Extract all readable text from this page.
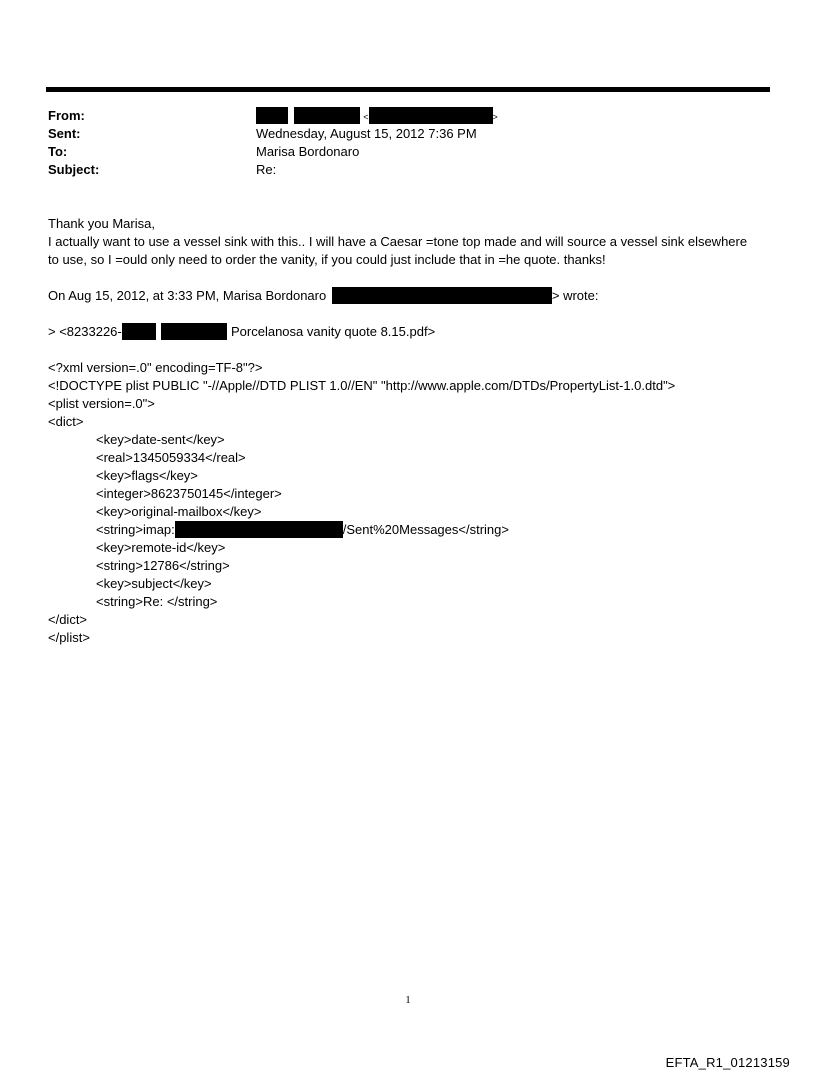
From:	<	>
Sent:	Wednesday, August 15, 2012 7:36 PM
To:	Marisa Bordonaro
Subject:	Re:
Thank you Marisa,
I actually want to use a vessel sink with this.. I will have a Caesar =tone top made and will source a vessel sink elsewhere
to use, so I =ould only need to order the vanity, if you could just include that in =he quote. thanks!
On Aug 15, 2012, at 3:33 PM, Marisa Bordonaro	> wrote:
> <8233226-	Porcelanosa vanity quote 8.15.pdf>
<?xml version=.0" encoding=TF-8"?>
<!DOCTYPE plist PUBLIC "-//Apple//DTD PLIST 1.0//EN" "http://www.apple.com/DTDs/PropertyList-1.0.dtd">
<plist version=.0">
<dict>
<key>date-sent</key>
<real>1345059334</real>
<key>flags</key>
<integer>8623750145</integer>
<key>original-mailbox</key>
<string>imap:	/Sent%20Messages</string>
<key>remote-id</key>
<string>12786</string>
<key>subject</key>
<string>Re: </string>
</dict>
</plist>
1
EFTA_R1_01213159
